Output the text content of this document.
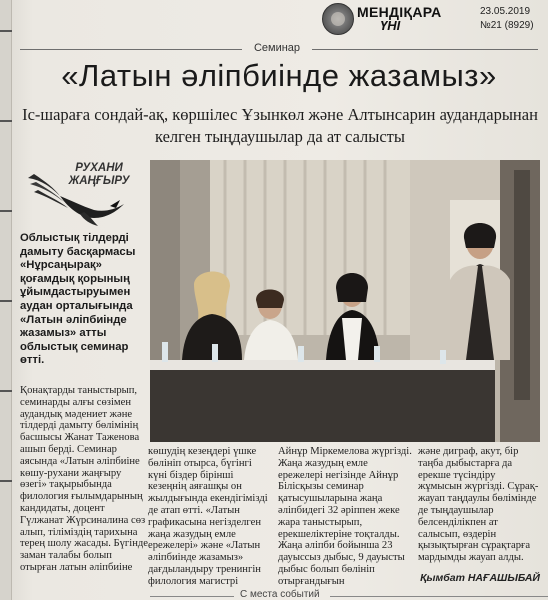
МЕНДІҚАРА
ҮНІ
23.05.2019
№21 (8929)
Семинар
«Латын әліпбиінде жазамыз»
Іс-шараға сондай-ақ, көршілес Ұзынкөл және Алтынсарин аудандарынан келген тыңдаушылар да ат салысты
РУХАНИ
ЖАҢҒЫРУ

Облыстық тілдерді дамыту басқармасы «Нұрсаңырақ» қоғамдық қорының ұйымдастыруымен аудан орталығында «Латын әліпбиінде жазамыз» атты облыстық семинар өтті.

Қонақтарды таныстырып, семинарды алғы сөзімен аудандық мәдениет және тілдерді дамыту бөлімінің басшысы Жанат Таженова ашып берді. Семинар аясында «Латын әліпбиіне көшу-рухани жаңғыру өзегі» тақырыбында филология ғылымдарының кандидаты, доцент Гүлжанат Жүрсиналина сөз алып, тіліміздің тарихына терең шолу жасады. Бүгінде заман талабы болып отырған латын әліпбиіне

көшудің кезеңдері үшке бөлініп отырса, бүгінгі күні біздер бірінші кезеңнің аяғашқы он жылдығында екендігімізді де атап өтті. «Латын графикасына негізделген жаңа жазудың емле ережелері» және «Латын әліпбиінде жазамыз» дағдыландыру тренингін филология магистрі

Айнұр Міркемелова жүргізді. Жаңа жазудың емле ережелері негізінде Айнұр Білісқызы семинар қатысушыларына жаңа әліпбидегі 32 әріппен жеке жара таныстырып, ерекшеліктеріне тоқталды. Жаңа әліпби бойынша 23 дауыссыз дыбыс, 9 дауысты дыбыс болып бөлініп отырғандығын

және диграф, акут, бір таңба дыбыстарға да ерекше түсіндіру жұмысын жүргізді. Сұрақ-жауап таңдаулы бөлімінде де тыңдаушылар белсенділікпен ат салысып, өздерін қызықтырған сұрақтарға мардымды жауап алды.

Қымбат НАҒАШЫБАЙ
С места событий
